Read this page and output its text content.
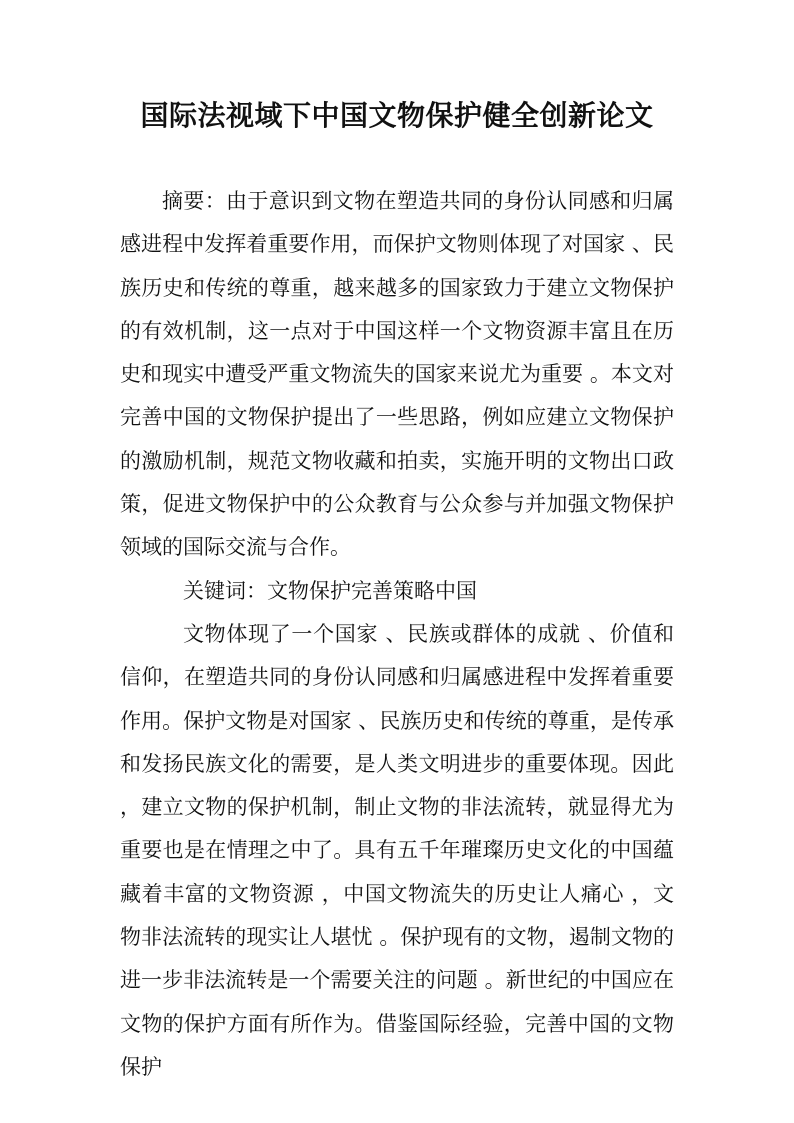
国际法视域下中国文物保护健全创新论文

摘要：由于意识到文物在塑造共同的身份认同感和归属感进程中发挥着重要作用，而保护文物则体现了对国家 、民族历史和传统的尊重，越来越多的国家致力于建立文物保护的有效机制，这一点对于中国这样一个文物资源丰富且在历史和现实中遭受严重文物流失的国家来说尤为重要 。本文对完善中国的文物保护提出了一些思路，例如应建立文物保护的激励机制，规范文物收藏和拍卖，实施开明的文物出口政策，促进文物保护中的公众教育与公众参与并加强文物保护领域的国际交流与合作。

关键词：文物保护完善策略中国

文物体现了一个国家 、民族或群体的成就 、价值和信仰，在塑造共同的身份认同感和归属感进程中发挥着重要作用。保护文物是对国家 、民族历史和传统的尊重，是传承和发扬民族文化的需要，是人类文明进步的重要体现。因此 ，建立文物的保护机制，制止文物的非法流转，就显得尤为重要也是在情理之中了。具有五千年璀璨历史文化的中国蕴藏着丰富的文物资源 ，中国文物流失的历史让人痛心 ，文物非法流转的现实让人堪忧 。保护现有的文物，遏制文物的进一步非法流转是一个需要关注的问题 。新世纪的中国应在文物的保护方面有所作为。借鉴国际经验，完善中国的文物保护
